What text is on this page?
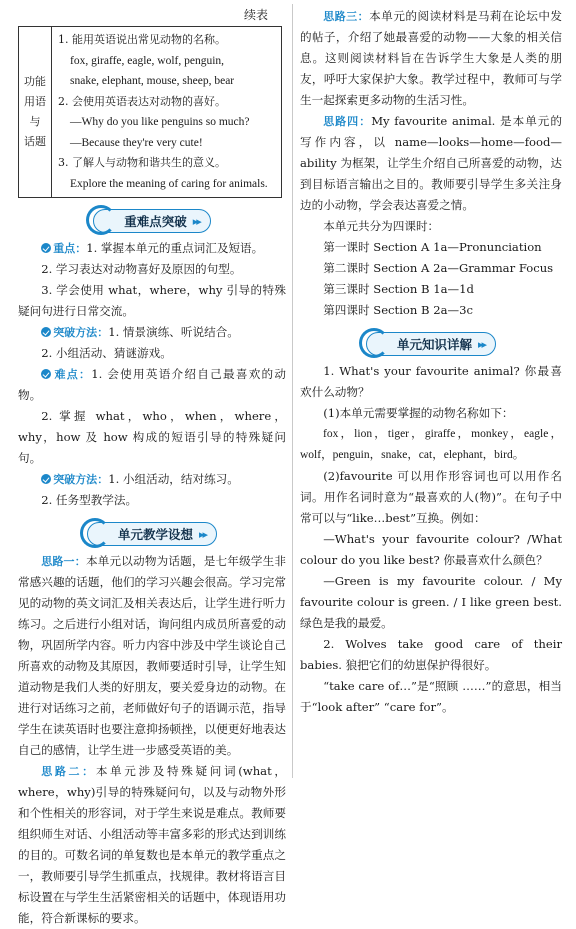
续表
功能
用语
与
话题

1. 能用英语说出常见动物的名称。
fox, giraffe, eagle, wolf, penguin,
snake, elephant, mouse, sheep, bear
2. 会使用英语表达对动物的喜好。
—Why do you like penguins so much?
—Because they're very cute!
3. 了解人与动物和谐共生的意义。
Explore the meaning of caring for animals.
重难点突破 ▸▸

重点：1. 掌握本单元的重点词汇及短语。

2. 学习表达对动物喜好及原因的句型。

3. 学会使用 what，where，why 引导的特殊疑问句进行日常交流。

突破方法：1. 情景演练、听说结合。

2. 小组活动、猜谜游戏。

难点：1. 会使用英语介绍自己最喜欢的动物。

2. 掌握 what，who，when，where，why，how 及 how 构成的短语引导的特殊疑问句。

突破方法：1. 小组活动，结对练习。

2. 任务型教学法。

单元教学设想 ▸▸

思路一：本单元以动物为话题，是七年级学生非常感兴趣的话题，他们的学习兴趣会很高。学习完常见的动物的英文词汇及相关表达后，让学生进行听力练习。之后进行小组对话，询问组内成员所喜爱的动物，巩固所学内容。听力内容中涉及中学生谈论自己所喜欢的动物及其原因，教师要适时引导，让学生知道动物是我们人类的好朋友，要关爱身边的动物。在进行对话练习之前，老师做好句子的语调示范，指导学生在读英语时也要注意抑扬顿挫，以便更好地表达自己的感情，让学生进一步感受英语的美。

思路二：本单元涉及特殊疑问词(what，where，why)引导的特殊疑问句，以及与动物外形和个性相关的形容词，对于学生来说是难点。教师要组织师生对话、小组活动等丰富多彩的形式达到训练的目的。可数名词的单复数也是本单元的教学重点之一，教师要引导学生抓重点，找规律。教材将语言目标设置在与学生生活紧密相关的话题中，体现语用功能，符合新课标的要求。

思路三：本单元的阅读材料是马莉在论坛中发的帖子，介绍了她最喜爱的动物——大象的相关信息。这则阅读材料旨在告诉学生大象是人类的朋友，呼吁大家保护大象。教学过程中，教师可与学生一起探索更多动物的生活习性。

思路四：My favourite animal. 是本单元的写作内容，以 name—looks—home—food—ability 为框架，让学生介绍自己所喜爱的动物，达到目标语言输出之目的。教师要引导学生多关注身边的小动物，学会表达喜爱之情。

本单元共分为四课时：

第一课时 Section A 1a—Pronunciation

第二课时 Section A 2a—Grammar Focus

第三课时 Section B 1a—1d

第四课时 Section B 2a—3c

单元知识详解 ▸▸

1. What's your favourite animal? 你最喜欢什么动物？

(1)本单元需要掌握的动物名称如下：

fox，lion，tiger，giraffe，monkey，eagle，wolf，penguin，snake，cat，elephant，bird。

(2)favourite 可以用作形容词也可以用作名词。用作名词时意为“最喜欢的人(物)”。在句子中常可以与“like…best”互换。例如：

—What's your favourite colour? /What colour do you like best? 你最喜欢什么颜色？

—Green is my favourite colour. / My favourite colour is green. / I like green best. 绿色是我的最爱。

2. Wolves take good care of their babies. 狼把它们的幼崽保护得很好。

“take care of…”是“照顾 ……”的意思，相当于“look after” “care for”。
